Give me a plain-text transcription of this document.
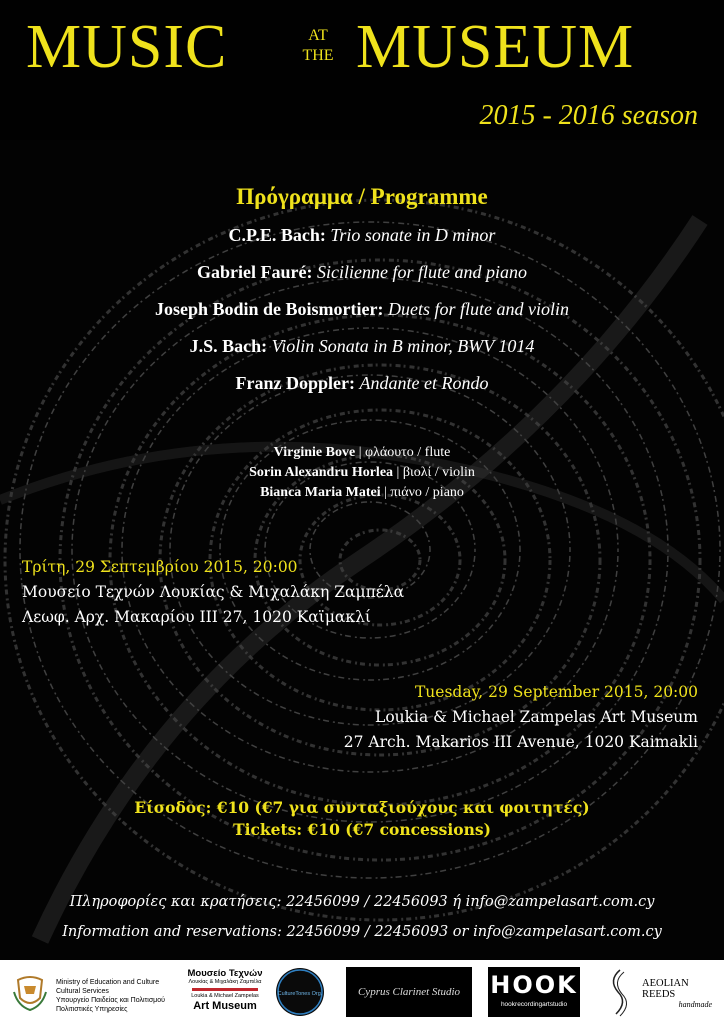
MUSIC	AT
THE MUSEUM
2015 - 2016 season
Πρόγραμμα / Programme
C.P.E. Bach: Trio sonate in D minor
Gabriel Fauré: Sicilienne for flute and piano
Joseph Bodin de Boismortier: Duets for flute and violin
J.S. Bach: Violin Sonata in B minor, BWV 1014
Franz Doppler: Andante et Rondo
Virginie Bove | φλάουτο / flute
Sorin Alexandru Horlea | βιολί / violin
Bianca Maria Matei | πιάνο / piano
Τρίτη, 29 Σεπτεμβρίου 2015, 20:00
Μουσείο Τεχνών Λουκίας & Μιχαλάκη Ζαμπέλα
Λεωφ. Αρχ. Μακαρίου ΙΙΙ 27, 1020 Καϊμακλί
Tuesday, 29 September 2015, 20:00
Loukia & Michael Zampelas Art Museum
27 Arch. Makarios III Avenue, 1020 Kaimakli
Είσοδος: €10 (€7 για συνταξιούχους και φοιτητές)
Tickets: €10 (€7 concessions)
Πληροφορίες και κρατήσεις: 22456099 / 22456093 ή info@zampelasart.com.cy
Information and reservations: 22456099 / 22456093 or info@zampelasart.com.cy
Ministry of Education and Culture
Cultural Services
Υπουργείο Παιδείας και Πολιτισμού
Πολιτιστικές Υπηρεσίες
Μουσείο Τεχνών
Λουκίας & Μιχαλάκη Ζαμπέλα
Loukia & Michael Zampelas
Art Museum
CultureTones Org.	Cyprus Clarinet Studio HOOK
hookrecordingartstudio
AEOLIAN REEDS
handmade
